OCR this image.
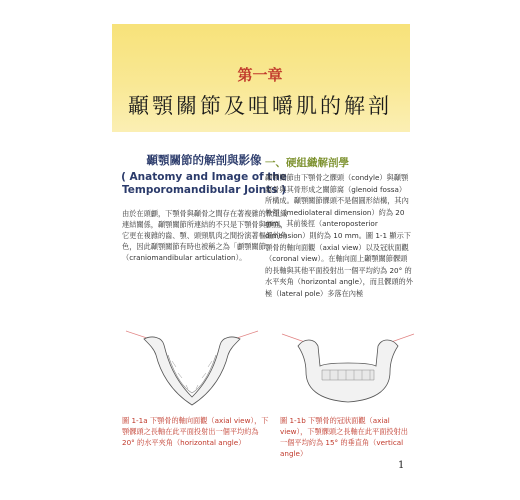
第一章
顳顎關節及咀嚼肌的解剖
顳顎關節的解剖與影像
( Anatomy and Image of the
Temporomandibular Joints )

由於在頭顱，下顎骨與顳骨之間存在著複雜的軟組織連結關係，顳顎關節所連結的不只是下顎骨與顱面，它更在複雜的齒、顎、頭頸肌肉之間扮演著樞紐的角色，因此顳顎關節有時也被稱之為「顱顎關節」（craniomandibular articulation）。

一、硬組織解剖學

顳顎關節由下顎骨之髁頭（condyle）與顳顎窩骨與其骨形成之關節窩（glenoid fossa）所構成。顳顎關節髁頭不是個圓形結構，其內外徑（mediolateral dimension）約為 20 mm，其前後徑（anteroposterior dimension）則約為 10 mm。圖 1-1 顯示下顎骨的軸向面觀（axial view）以及冠狀面觀（coronal view）。在軸向面上顳顎關節髁頭的長軸與其他平面投射出一個平均約為 20° 的水平夾角（horizontal angle），而且髁頭的外極（lateral pole）多落在內極

圖 1-1a 下顎骨的軸向面觀（axial view），下顎髁頭之長軸在此平面投射出一個平均約為 20° 的水平夾角（horizontal angle）
圖 1-1b 下顎骨的冠狀面觀（axial view），下顎髁頭之長軸在此平面投射出一個平均約為 15° 的垂直角（vertical angle）
1
